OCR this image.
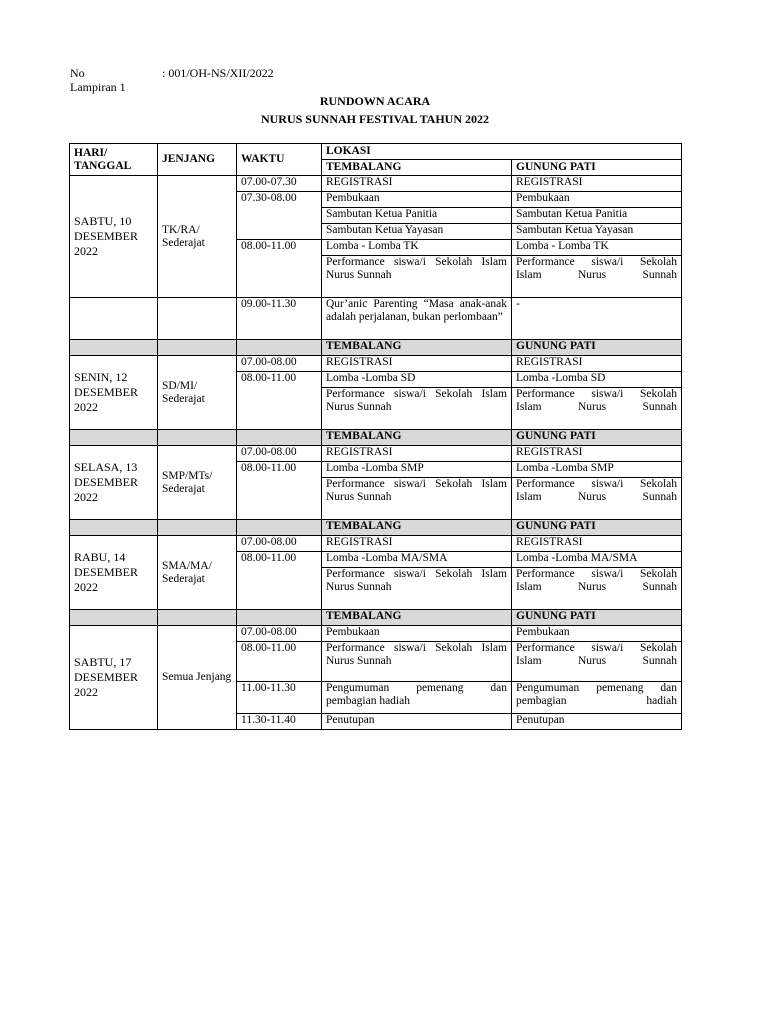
No	: 001/OH-NS/XII/2022
Lampiran 1
RUNDOWN ACARA
NURUS SUNNAH FESTIVAL TAHUN 2022
HARI/ TANGGAL	JENJANG	WAKTU	LOKASI	
			TEMBALANG	GUNUNG PATI
SABTU, 10 DESEMBER 2022	TK/RA/ Sederajat	07.00-07.30	REGISTRASI	REGISTRASI
		07.30-08.00	Pembukaan	Pembukaan
			Sambutan Ketua Panitia	Sambutan Ketua Panitia
			Sambutan Ketua Yayasan	Sambutan Ketua Yayasan
		08.00-11.00	Lomba - Lomba TK	Lomba - Lomba TK
			Performance siswa/i Sekolah Islam Nurus Sunnah	Performance siswa/i Sekolah Islam Nurus Sunnah
		09.00-11.30	Qur’anic Parenting “Masa anak-anak adalah perjalanan, bukan perlombaan”	-
			TEMBALANG	GUNUNG PATI
SENIN, 12 DESEMBER 2022	SD/MI/ Sederajat	07.00-08.00	REGISTRASI	REGISTRASI
		08.00-11.00	Lomba -Lomba SD	Lomba -Lomba SD
			Performance siswa/i Sekolah Islam Nurus Sunnah	Performance siswa/i Sekolah Islam Nurus Sunnah
			TEMBALANG	GUNUNG PATI
SELASA, 13 DESEMBER 2022	SMP/MTs/ Sederajat	07.00-08.00	REGISTRASI	REGISTRASI
		08.00-11.00	Lomba -Lomba SMP	Lomba -Lomba SMP
			Performance siswa/i Sekolah Islam Nurus Sunnah	Performance siswa/i Sekolah Islam Nurus Sunnah
			TEMBALANG	GUNUNG PATI
RABU, 14 DESEMBER 2022	SMA/MA/ Sederajat	07.00-08.00	REGISTRASI	REGISTRASI
		08.00-11.00	Lomba -Lomba MA/SMA	Lomba -Lomba MA/SMA
			Performance siswa/i Sekolah Islam Nurus Sunnah	Performance siswa/i Sekolah Islam Nurus Sunnah
			TEMBALANG	GUNUNG PATI
SABTU, 17 DESEMBER 2022	Semua Jenjang	07.00-08.00	Pembukaan	Pembukaan
		08.00-11.00	Performance siswa/i Sekolah Islam Nurus Sunnah	Performance siswa/i Sekolah Islam Nurus Sunnah
		11.00-11.30	Pengumuman pemenang dan pembagian hadiah	Pengumuman pemenang dan pembagian hadiah
		11.30-11.40	Penutupan	Penutupan
